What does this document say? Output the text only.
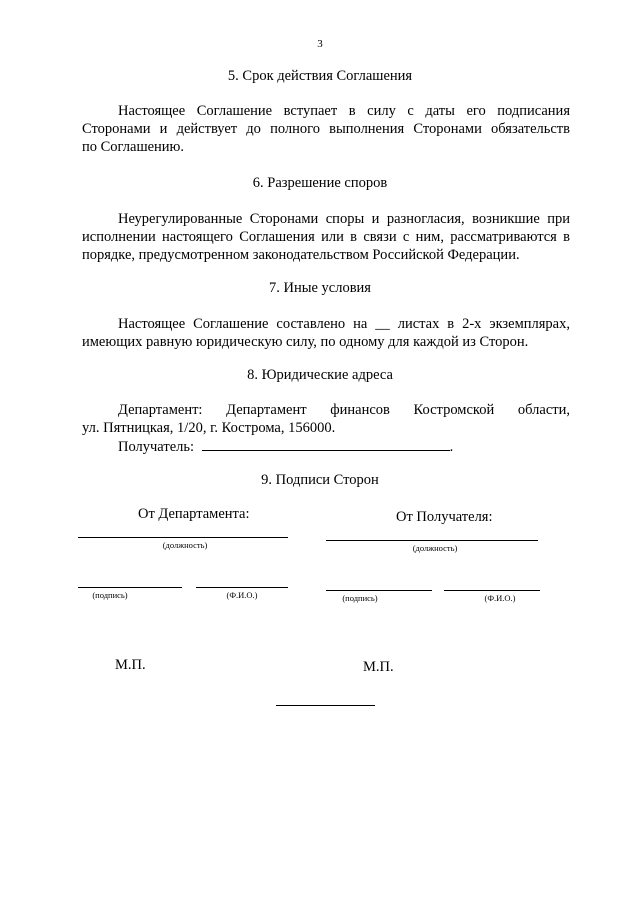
3
5. Срок действия Соглашения
Настоящее Соглашение вступает в силу с даты его подписания
Сторонами и действует до полного выполнения Сторонами обязательств
по Соглашению.
6. Разрешение споров
Неурегулированные Сторонами споры и разногласия, возникшие при
исполнении настоящего Соглашения или в связи с ним, рассматриваются в
порядке, предусмотренном законодательством Российской Федерации.
7. Иные условия
Настоящее Соглашение составлено на __ листах в 2-х экземплярах,
имеющих равную юридическую силу, по одному для каждой из Сторон.
8. Юридические адреса
Департамент:   Департамент   финансов   Костромской   области,
ул. Пятницкая, 1/20, г. Кострома, 156000.
Получатель:	.
9. Подписи Сторон
От Департамента:	От Получателя:
(должность)	(должность)
(подпись)	(Ф.И.О.)	(подпись)	(Ф.И.О.)
М.П.	М.П.
